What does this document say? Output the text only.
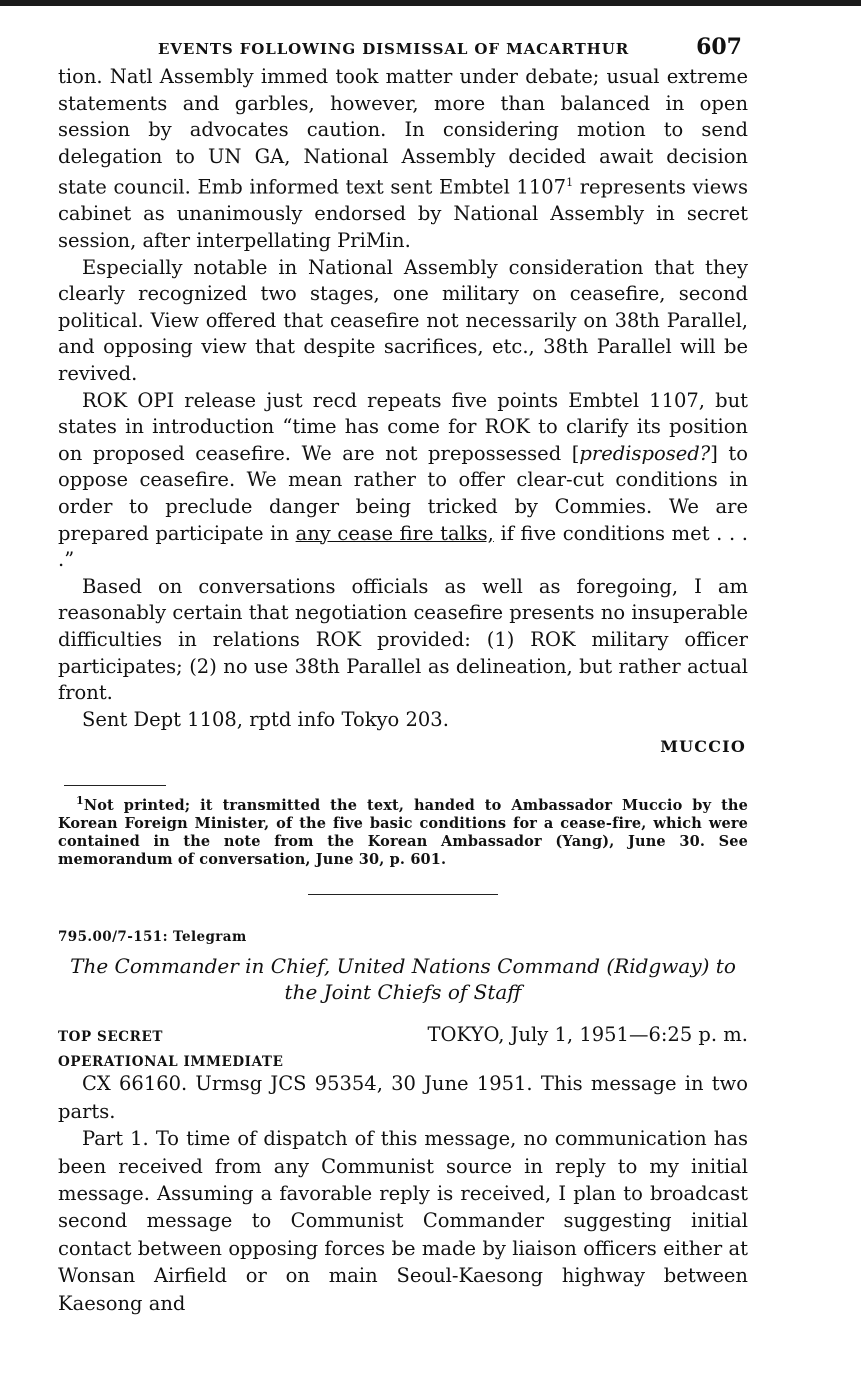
EVENTS FOLLOWING DISMISSAL OF MACARTHUR	607

tion. Natl Assembly immed took matter under debate; usual extreme statements and garbles, however, more than balanced in open session by advocates caution. In considering motion to send delegation to UN GA, National Assembly decided await decision state council. Emb informed text sent Embtel 1107$^1$ represents views cabinet as unanimously endorsed by National Assembly in secret session, after interpellating PriMin.

Especially notable in National Assembly consideration that they clearly recognized two stages, one military on ceasefire, second political. View offered that ceasefire not necessarily on 38th Parallel, and opposing view that despite sacrifices, etc., 38th Parallel will be revived.

ROK OPI release just recd repeats five points Embtel 1107, but states in introduction “time has come for ROK to clarify its position on proposed ceasefire. We are not prepossessed [predisposed?] to oppose ceasefire. We mean rather to offer clear-cut conditions in order to preclude danger being tricked by Commies. We are prepared participate in any cease fire talks, if five conditions met . . . .”

Based on conversations officials as well as foregoing, I am reasonably certain that negotiation ceasefire presents no insuperable difficulties in relations ROK provided: (1) ROK military officer participates; (2) no use 38th Parallel as delineation, but rather actual front.

Sent Dept 1108, rptd info Tokyo 203.

MUCCIO

$^1$Not printed; it transmitted the text, handed to Ambassador Muccio by the Korean Foreign Minister, of the five basic conditions for a cease-fire, which were contained in the note from the Korean Ambassador (Yang), June 30. See memorandum of conversation, June 30, p. 601.

795.00/7-151: Telegram
The Commander in Chief, United Nations Command (Ridgway) to
the Joint Chiefs of Staff
TOP SECRET	TOKYO, July 1, 1951—6:25 p. m.
OPERATIONAL IMMEDIATE

CX 66160. Urmsg JCS 95354, 30 June 1951. This message in two parts.

Part 1. To time of dispatch of this message, no communication has been received from any Communist source in reply to my initial message. Assuming a favorable reply is received, I plan to broadcast second message to Communist Commander suggesting initial contact between opposing forces be made by liaison officers either at Wonsan Airfield or on main Seoul-Kaesong highway between Kaesong and
